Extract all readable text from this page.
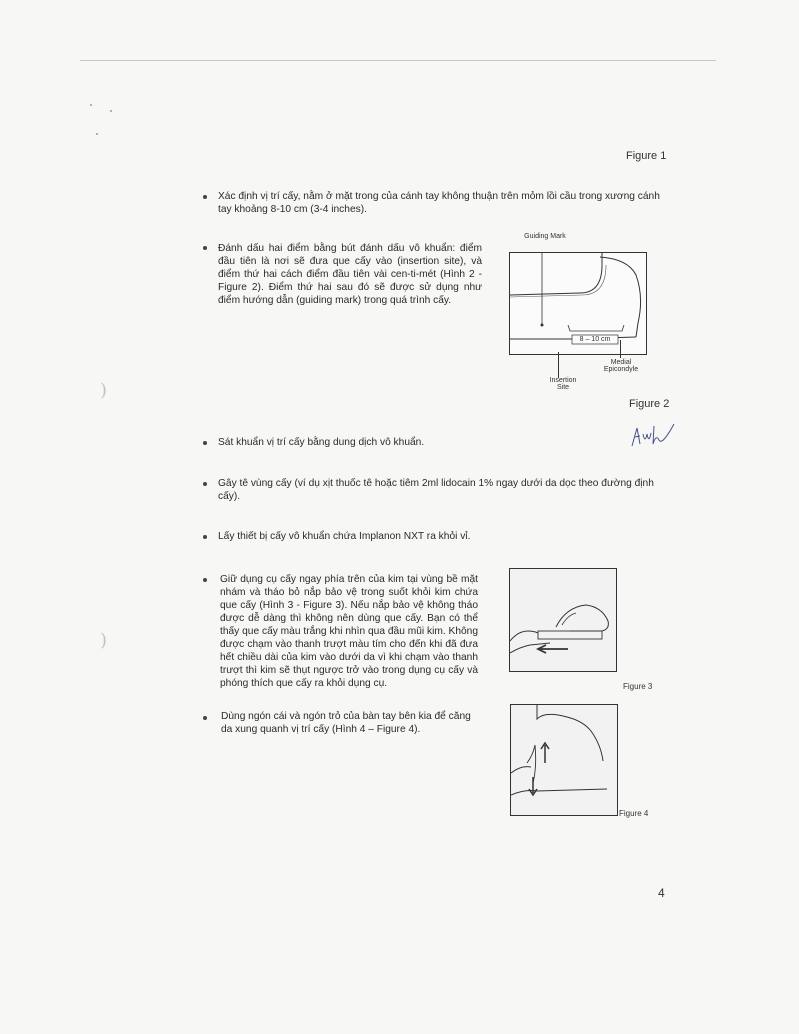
)
)
Figure 1

Xác định vị trí cấy, nằm ở mặt trong của cánh tay không thuận trên mỏm lồi cầu trong xương cánh tay khoảng 8-10 cm (3-4 inches).

Đánh dấu hai điểm bằng bút đánh dấu vô khuẩn: điểm đầu tiên là nơi sẽ đưa que cấy vào (insertion site), và điểm thứ hai cách điểm đầu tiên vài cen-ti-mét (Hình 2 - Figure 2). Điểm thứ hai sau đó sẽ được sử dụng như điểm hướng dẫn (guiding mark) trong quá trình cấy.

Guiding Mark
8 – 10 cm
Medial
Epicondyle
Insertion
Site
Figure 2

Sát khuẩn vị trí cấy bằng dung dịch vô khuẩn.

Gây tê vùng cấy (ví dụ xịt thuốc tê hoặc tiêm 2ml lidocain 1% ngay dưới da dọc theo đường định cấy).

Lấy thiết bị cấy vô khuẩn chứa Implanon NXT ra khỏi vỉ.

Giữ dụng cụ cấy ngay phía trên của kim tại vùng bề mặt nhám và tháo bỏ nắp bảo vệ trong suốt khỏi kim chứa que cấy (Hình 3 - Figure 3). Nếu nắp bảo vệ không tháo được dễ dàng thì không nên dùng que cấy. Bạn có thể thấy que cấy màu trắng khi nhìn qua đầu mũi kim. Không được chạm vào thanh trượt màu tím cho đến khi đã đưa hết chiều dài của kim vào dưới da vì khi chạm vào thanh trượt thì kim sẽ thụt ngược trở vào trong dụng cụ cấy và phóng thích que cấy ra khỏi dụng cụ.	Figure 3

Dùng ngón cái và ngón trỏ của bàn tay bên kia để căng da xung quanh vị trí cấy (Hình 4 – Figure 4).

Figure 4
4
